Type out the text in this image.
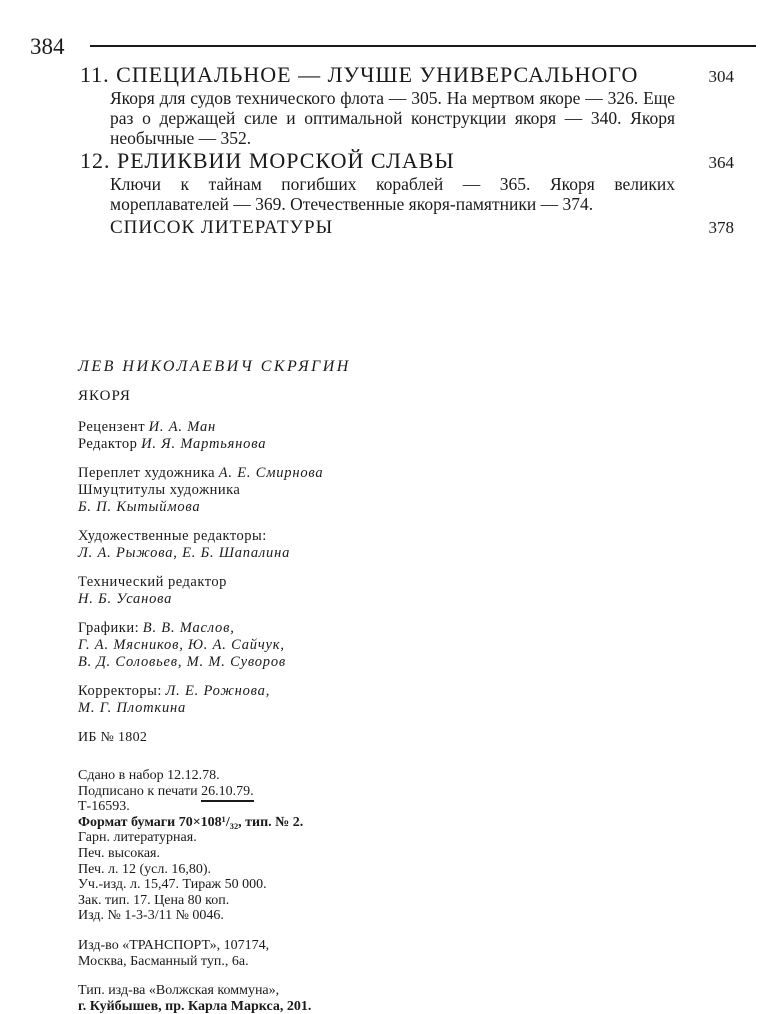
384
11. СПЕЦИАЛЬНОЕ — ЛУЧШЕ УНИВЕРСАЛЬНОГО	304
Якоря для судов технического флота — 305. На мертвом якоре — 326. Еще раз о держащей силе и оптимальной конструкции якоря — 340. Якоря необычные — 352.
12. РЕЛИКВИИ МОРСКОЙ СЛАВЫ	364
Ключи к тайнам погибших кораблей — 365. Якоря великих мореплавателей — 369. Отечественные якоря-памятники — 374.
СПИСОК ЛИТЕРАТУРЫ	378
ЛЕВ НИКОЛАЕВИЧ СКРЯГИН
ЯКОРЯ
Рецензент И. А. Ман
Редактор И. Я. Мартьянова
Переплет художника А. Е. Смирнова
Шмуцтитулы художника
Б. П. Кытыймова
Художественные редакторы:
Л. А. Рыжова, Е. Б. Шапалина
Технический редактор
Н. Б. Усанова
Графики: В. В. Маслов,
Г. А. Мясников, Ю. А. Сайчук,
В. Д. Соловьев, М. М. Суворов
Корректоры: Л. Е. Рожнова,
М. Г. Плоткина
ИБ № 1802
Сдано в набор 12.12.78.
Подписано к печати 26.10.79.
Т-16593.
Формат бумаги 70×108¹/₃₂, тип. № 2.
Гарн. литературная.
Печ. высокая.
Печ. л. 12 (усл. 16,80).
Уч.-изд. л. 15,47. Тираж 50 000.
Зак. тип. 17. Цена 80 коп.
Изд. № 1-3-3/11 № 0046.
Изд-во «ТРАНСПОРТ», 107174,
Москва, Басманный туп., 6а.
Тип. изд-ва «Волжская коммуна»,
г. Куйбышев, пр. Карла Маркса, 201.
